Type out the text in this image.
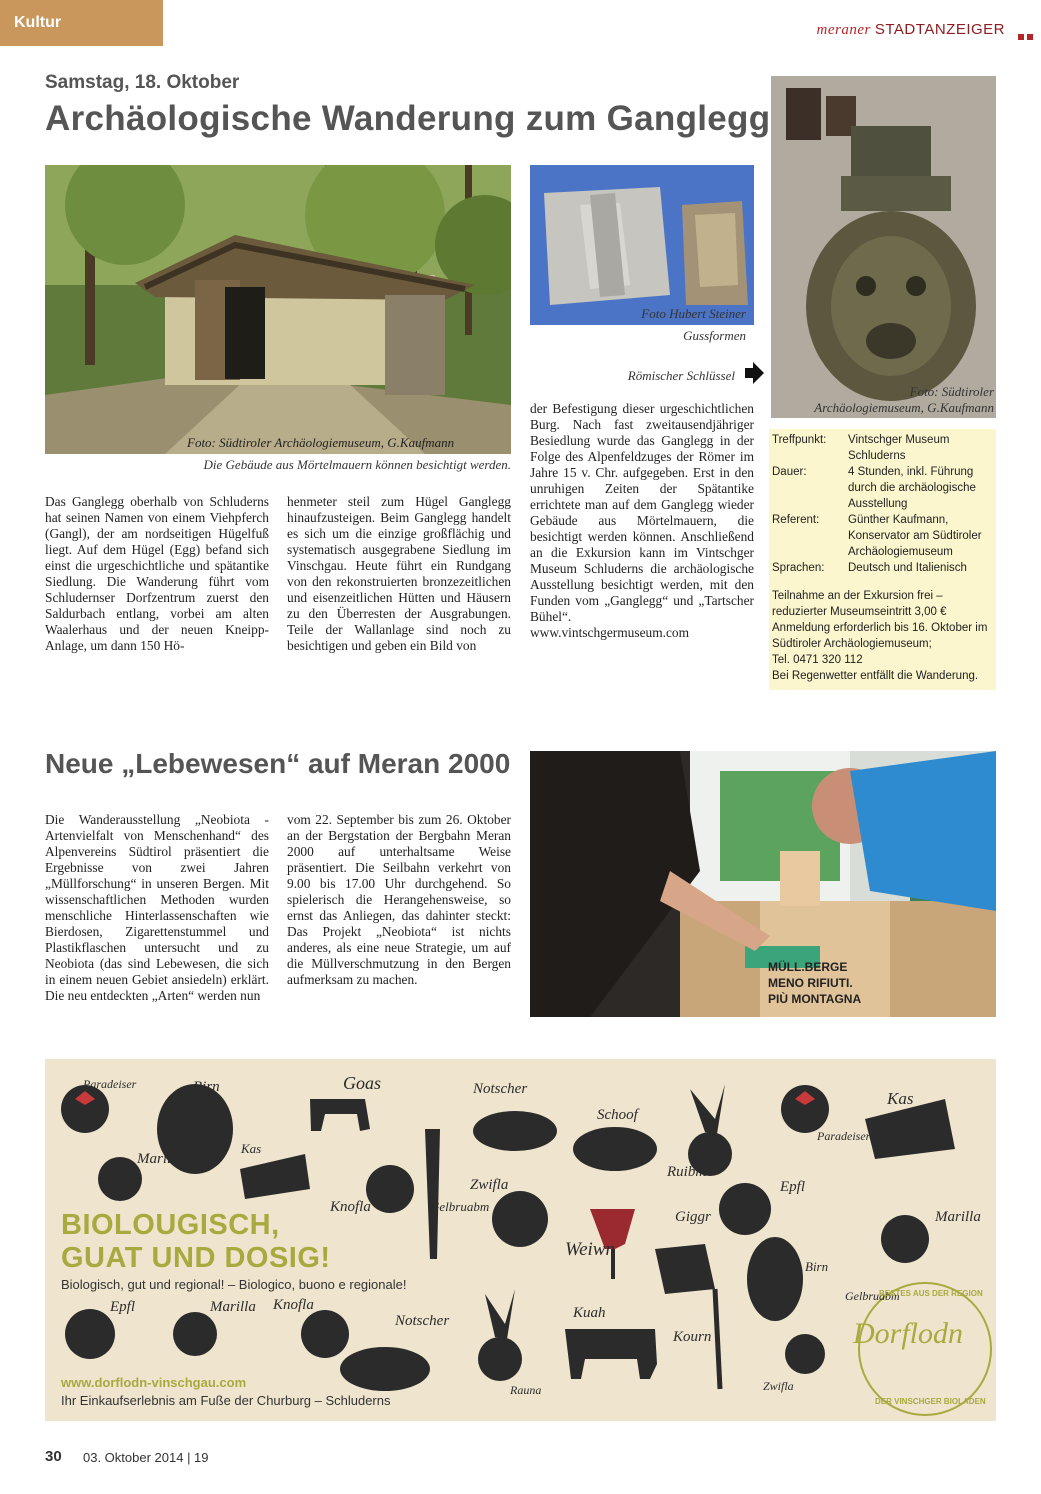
Kultur	meraner STADTANZEIGER
Samstag, 18. Oktober
Archäologische Wanderung zum Ganglegg
Foto: Südtiroler Archäologiemuseum, G.Kaufmann
Die Gebäude aus Mörtelmauern können besichtigt werden.
Foto Hubert Steiner
Gussformen
Römischer Schlüssel
Foto: Südtiroler
Archäologiemuseum, G.Kaufmann
Das Ganglegg oberhalb von Schluderns hat seinen Namen von einem Viehpferch (Gangl), der am nordseitigen Hügelfuß liegt. Auf dem Hügel (Egg) befand sich einst die urgeschichtliche und spätantike Siedlung. Die Wanderung führt vom Schludernser Dorfzentrum zuerst den Saldurbach entlang, vorbei am alten Waalerhaus und der neuen Kneipp-Anlage, um dann 150 Hö-
henmeter steil zum Hügel Ganglegg hinaufzusteigen. Beim Ganglegg handelt es sich um die einzige großflächig und systematisch ausgegrabene Siedlung im Vinschgau. Heute führt ein Rundgang von den rekonstruierten bronzezeitlichen und eisenzeitlichen Hütten und Häusern zu den Überresten der Ausgrabungen. Teile der Wallanlage sind noch zu besichtigen und geben ein Bild von
der Befestigung dieser urgeschichtlichen Burg. Nach fast zweitausendjähriger Besiedlung wurde das Ganglegg in der Folge des Alpenfeldzuges der Römer im Jahre 15 v. Chr. aufgegeben. Erst in den unruhigen Zeiten der Spätantike errichtete man auf dem Ganglegg wieder Gebäude aus Mörtelmauern, die besichtigt werden können. Anschließend an die Exkursion kann im Vintschger Museum Schluderns die archäologische Ausstellung besichtigt werden, mit den Funden vom „Ganglegg“ und „Tartscher Bühel“.
www.vintschgermuseum.com
Treffpunkt:	Vintschger Museum Schluderns
Dauer:	4 Stunden, inkl. Führung durch die archäologische Ausstellung
Referent:	Günther Kaufmann, Konservator am Südtiroler Archäologiemuseum
Sprachen:	Deutsch und Italienisch
Teilnahme an der Exkursion frei – reduzierter Museumseintritt 3,00 €
Anmeldung erforderlich bis 16. Oktober im Südtiroler Archäologiemuseum;
Tel. 0471 320 112
Bei Regenwetter entfällt die Wanderung.
Neue „Lebewesen“ auf Meran 2000
Die Wanderausstellung „Neobiota - Artenvielfalt von Menschenhand“ des Alpenvereins Südtirol präsentiert die Ergebnisse von zwei Jahren „Müllforschung“ in unseren Bergen. Mit wissenschaftlichen Methoden wurden menschliche Hinterlassenschaften wie Bierdosen, Zigarettenstummel und Plastikflaschen untersucht und zu Neobiota (das sind Lebewesen, die sich in einem neuen Gebiet ansiedeln) erklärt. Die neu entdeckten „Arten“ werden nun
vom 22. September bis zum 26. Oktober an der Bergstation der Bergbahn Meran 2000 auf unterhaltsame Weise präsentiert. Die Seilbahn verkehrt von 9.00 bis 17.00 Uhr durchgehend. So spielerisch die Herangehensweise, so ernst das Anliegen, das dahinter steckt: Das Projekt „Neobiota“ ist nichts anderes, als eine neue Strategie, um auf die Müllverschmutzung in den Bergen aufmerksam zu machen.
MÜLL.BERGE
MENO RIFIUTI.
PIÙ MONTAGNA
BIOLOUGISCH,
GUAT UND DOSIG!
Biologisch, gut und regional! – Biologico, buono e regionale!
www.dorflodn-vinschgau.com
Ihr Einkaufserlebnis am Fuße der Churburg – Schluderns
Paradeiser	Birn	Goas	Notscher
Schoof
Ruibm
Kas
Paradeiser
Marilla
Kas
Knofla	Gelbruabm
Zwifla
Weiwn
Giggr
Epfl
Birn
Gelbruabm
Marilla
Epfl	Marilla Knofla
Notscher
Rauna
Kuah
Kourn
Zwifla
Dorflodn
BESTES AUS DER REGION
DER VINSCHGER BIOLADEN
30 03. Oktober 2014 | 19
